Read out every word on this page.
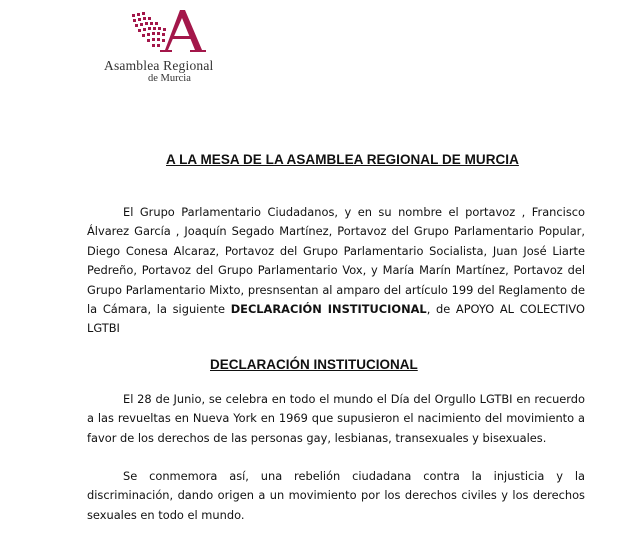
Asamblea Regional
de Murcia
A LA MESA DE LA ASAMBLEA REGIONAL DE MURCIA
El Grupo Parlamentario Ciudadanos, y en su nombre el portavoz , Francisco Álvarez García , Joaquín Segado Martínez, Portavoz del Grupo Parlamentario Popular, Diego Conesa Alcaraz, Portavoz del Grupo Parlamentario Socialista, Juan José Liarte Pedreño, Portavoz del Grupo Parlamentario Vox, y María Marín Martínez, Portavoz del Grupo Parlamentario Mixto, presnsentan al amparo del artículo 199 del Reglamento de la Cámara, la siguiente DECLARACIÓN INSTITUCIONAL, de APOYO AL COLECTIVO LGTBI
DECLARACIÓN INSTITUCIONAL
El 28 de Junio, se celebra en todo el mundo el Día del Orgullo LGTBI en recuerdo a las revueltas en Nueva York en 1969 que supusieron el nacimiento del movimiento a favor de los derechos de las personas gay, lesbianas, transexuales y bisexuales.
Se conmemora así, una rebelión ciudadana contra la injusticia y la discriminación, dando origen a un movimiento por los derechos civiles y los derechos sexuales en todo el mundo.
